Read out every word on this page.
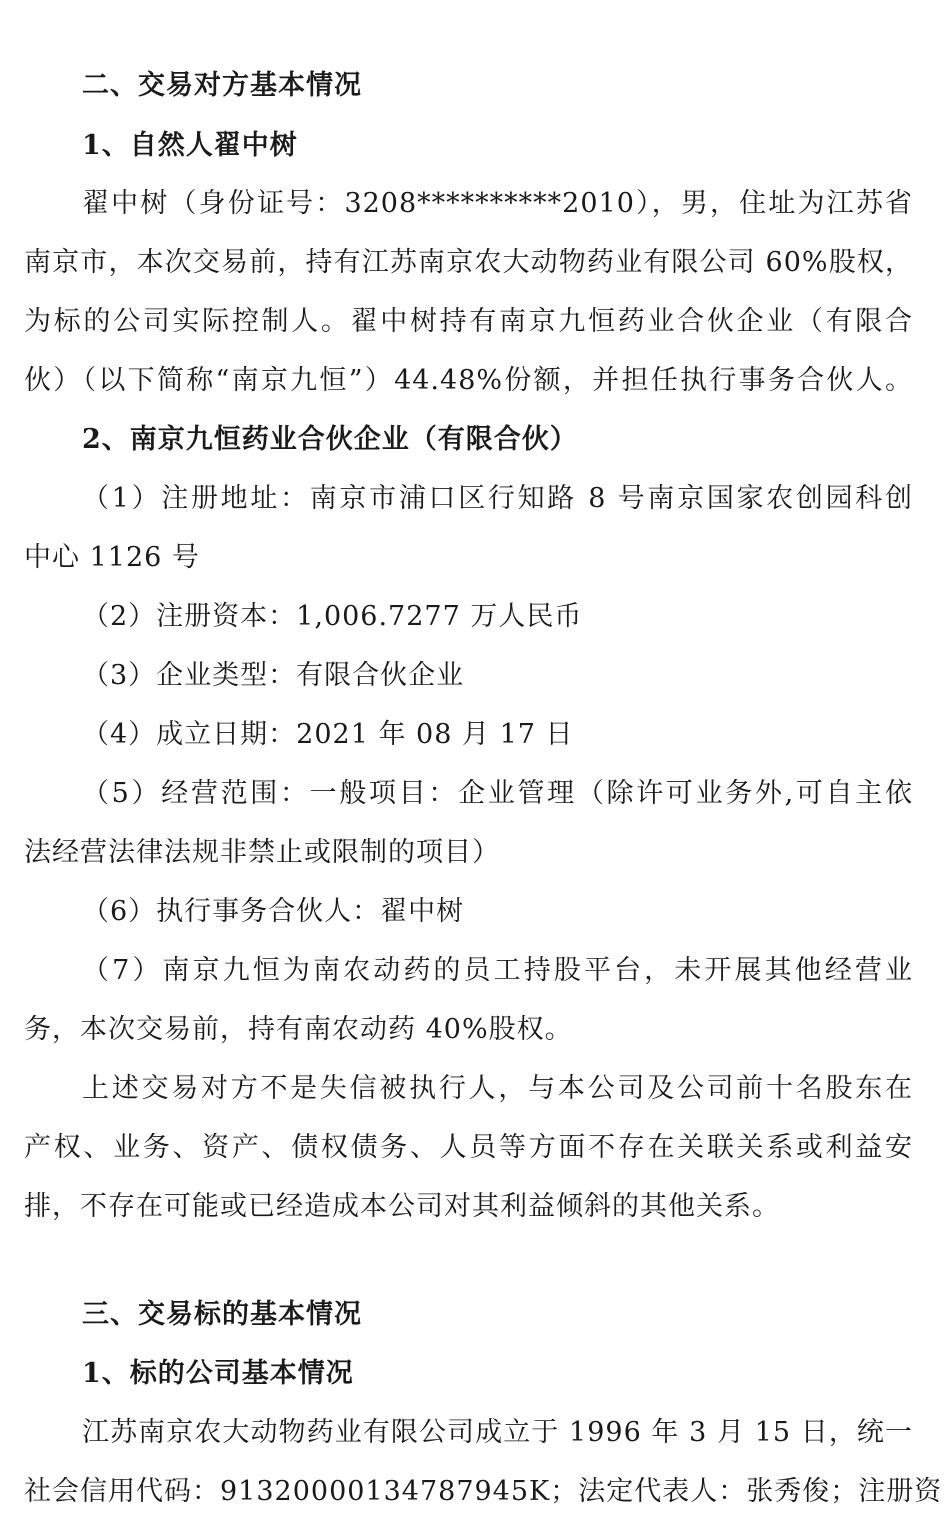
二、交易对方基本情况
1、自然人翟中树
翟中树（身份证号：3208**********2010），男，住址为江苏省
南京市，本次交易前，持有江苏南京农大动物药业有限公司 60%股权，
为标的公司实际控制人。翟中树持有南京九恒药业合伙企业（有限合
伙）（以下简称“南京九恒”）44.48%份额，并担任执行事务合伙人。
2、南京九恒药业合伙企业（有限合伙）
（1）注册地址：南京市浦口区行知路 8 号南京国家农创园科创
中心 1126 号
（2）注册资本：1,006.7277 万人民币
（3）企业类型：有限合伙企业
（4）成立日期：2021 年 08 月 17 日
（5）经营范围：一般项目：企业管理（除许可业务外,可自主依
法经营法律法规非禁止或限制的项目）
（6）执行事务合伙人：翟中树
（7）南京九恒为南农动药的员工持股平台，未开展其他经营业
务，本次交易前，持有南农动药 40%股权。
上述交易对方不是失信被执行人，与本公司及公司前十名股东在
产权、业务、资产、债权债务、人员等方面不存在关联关系或利益安
排，不存在可能或已经造成本公司对其利益倾斜的其他关系。
三、交易标的基本情况
1、标的公司基本情况
江苏南京农大动物药业有限公司成立于 1996 年 3 月 15 日，统一
社会信用代码：91320000134787945K；法定代表人：张秀俊；注册资
